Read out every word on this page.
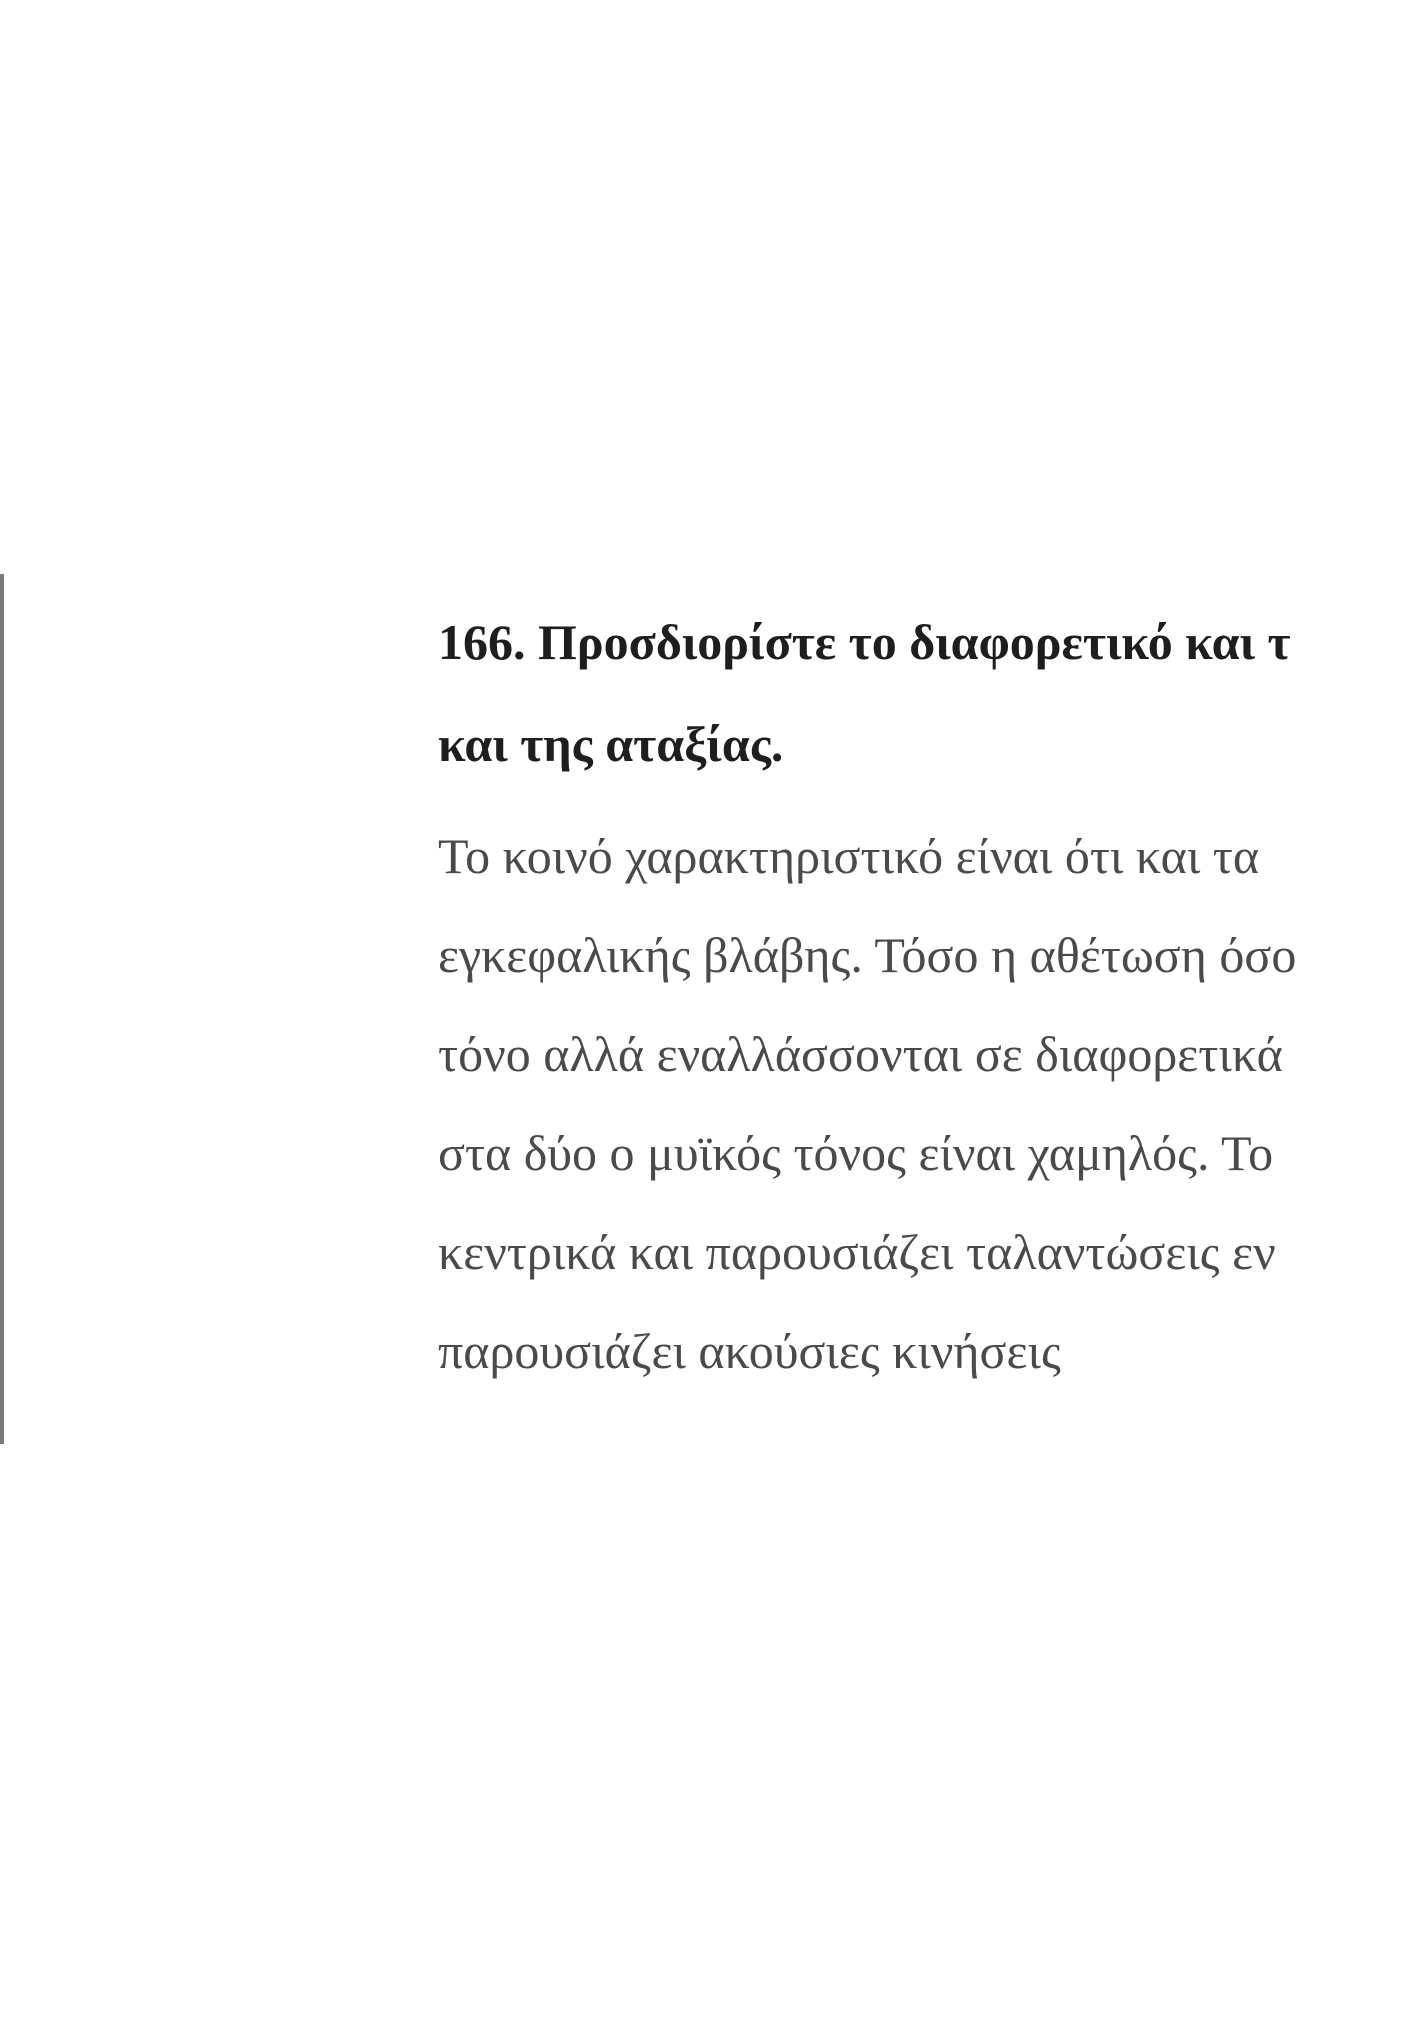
166. Προσδιορίστε το διαφορετικό και τ
και της αταξίας.
Το κοινό χαρακτηριστικό είναι ότι και τα
εγκεφαλικής βλάβης. Τόσο η αθέτωση όσο
τόνο αλλά εναλλάσσονται σε διαφορετικά
στα δύο ο μυϊκός τόνος είναι χαμηλός. Το
κεντρικά και παρουσιάζει ταλαντώσεις εν
παρουσιάζει ακούσιες κινήσεις
